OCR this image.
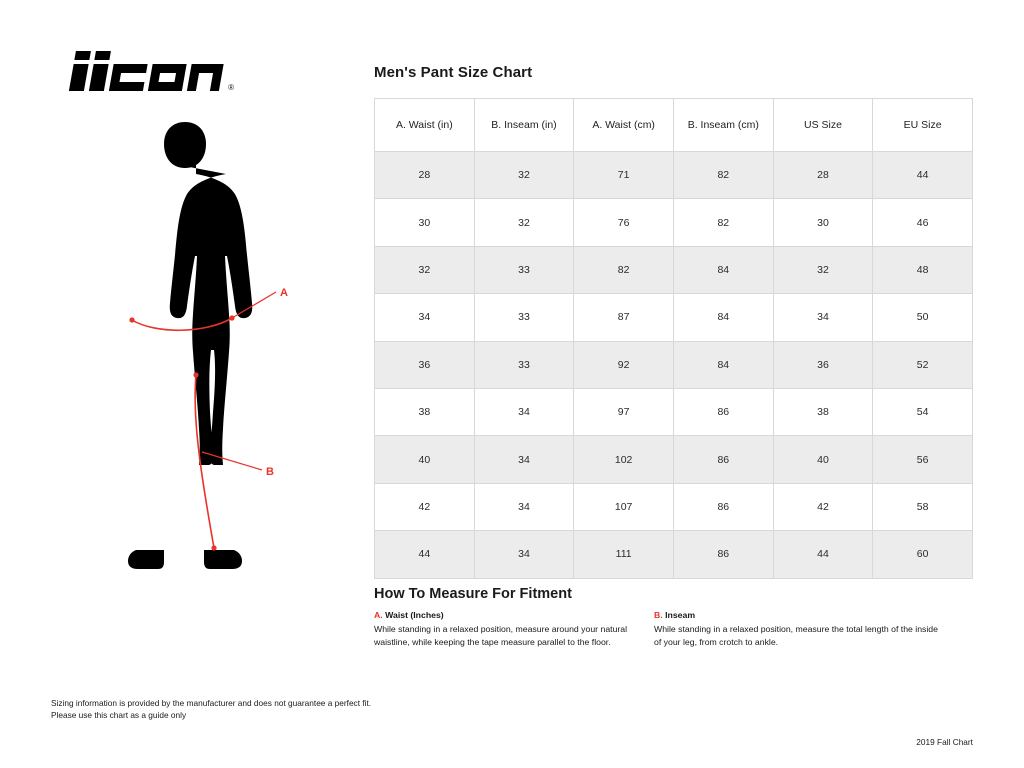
®
A
B
Men's Pant Size Chart
A. Waist (in)	B. Inseam (in)	A. Waist (cm)	B. Inseam (cm)	US Size	EU Size
28	32	71	82	28	44
30	32	76	82	30	46
32	33	82	84	32	48
34	33	87	84	34	50
36	33	92	84	36	52
38	34	97	86	38	54
40	34	102	86	40	56
42	34	107	86	42	58
44	34	111	86	44	60
How To Measure For Fitment
A. Waist (Inches)
While standing in a relaxed position, measure around your natural waistline, while keeping the tape measure parallel to the floor.
B. Inseam
While standing in a relaxed position, measure the total length of the inside of your leg, from crotch to ankle.
Sizing information is provided by the manufacturer and does not guarantee a perfect fit.
Please use this chart as a guide only
2019 Fall Chart
